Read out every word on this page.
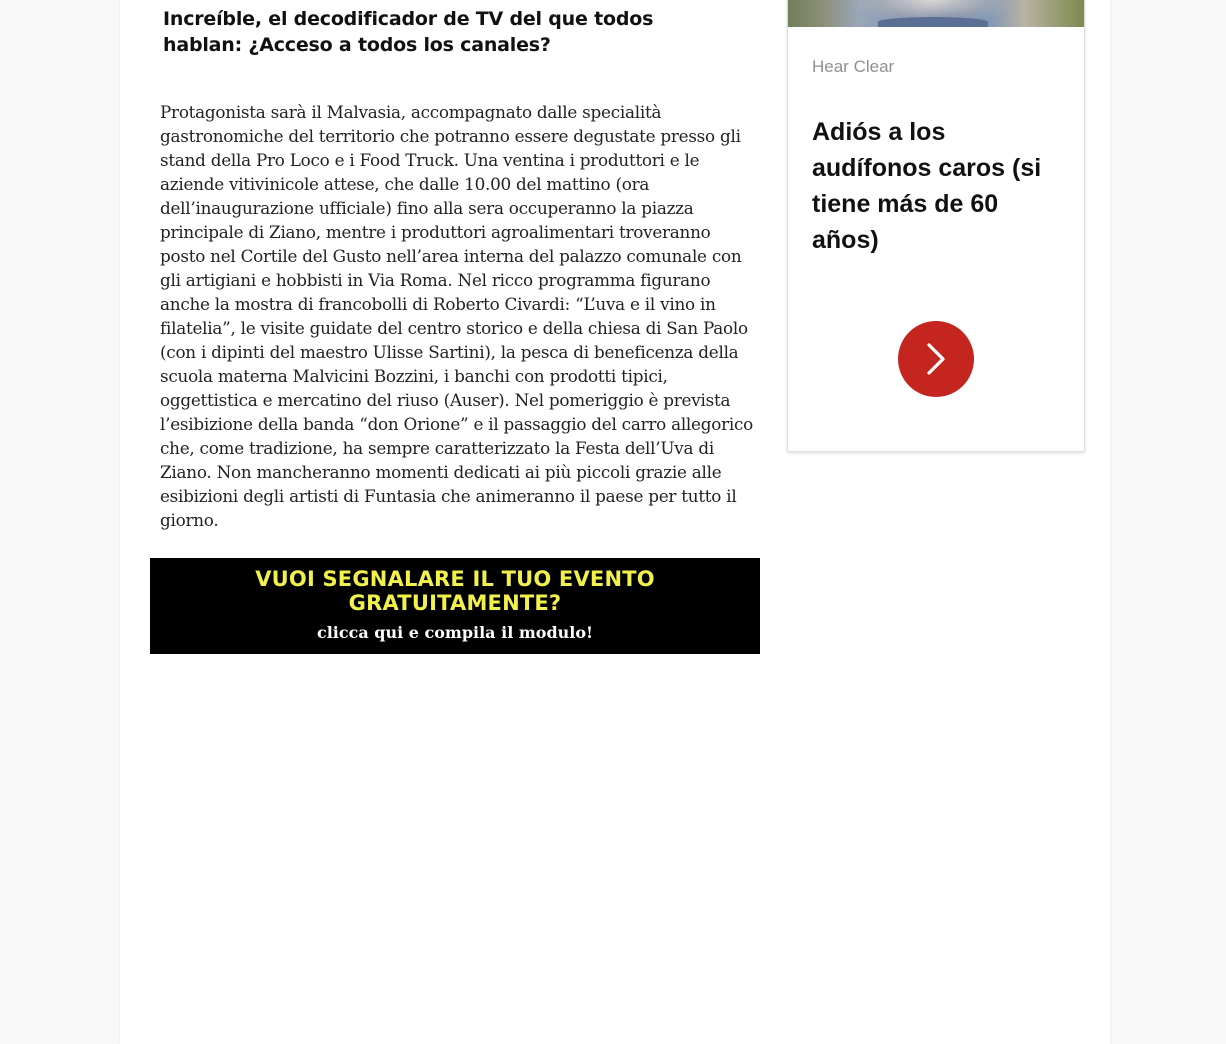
Increíble, el decodificador de TV del que todos hablan: ¿Acceso a todos los canales?

Protagonista sarà il Malvasia, accompagnato dalle specialità gastronomiche del territorio che potranno essere degustate presso gli stand della Pro Loco e i Food Truck. Una ventina i produttori e le aziende vitivinicole attese, che dalle 10.00 del mattino (ora dell’inaugurazione ufficiale) fino alla sera occuperanno la piazza principale di Ziano, mentre i produttori agroalimentari troveranno posto nel Cortile del Gusto nell’area interna del palazzo comunale con gli artigiani e hobbisti in Via Roma. Nel ricco programma figurano anche la mostra di francobolli di Roberto Civardi: “L’uva e il vino in filatelia”, le visite guidate del centro storico e della chiesa di San Paolo (con i dipinti del maestro Ulisse Sartini), la pesca di beneficenza della scuola materna Malvicini Bozzini, i banchi con prodotti tipici, oggettistica e mercatino del riuso (Auser). Nel pomeriggio è prevista l’esibizione della banda “don Orione” e il passaggio del carro allegorico che, come tradizione, ha sempre caratterizzato la Festa dell’Uva di Ziano. Non mancheranno momenti dedicati ai più piccoli grazie alle esibizioni degli artisti di Funtasia che animeranno il paese per tutto il giorno.

VUOI SEGNALARE IL TUO EVENTO GRATUITAMENTE?
clicca qui e compila il modulo!
Hear Clear
Adiós a los audífonos caros (si tiene más de 60 años)
